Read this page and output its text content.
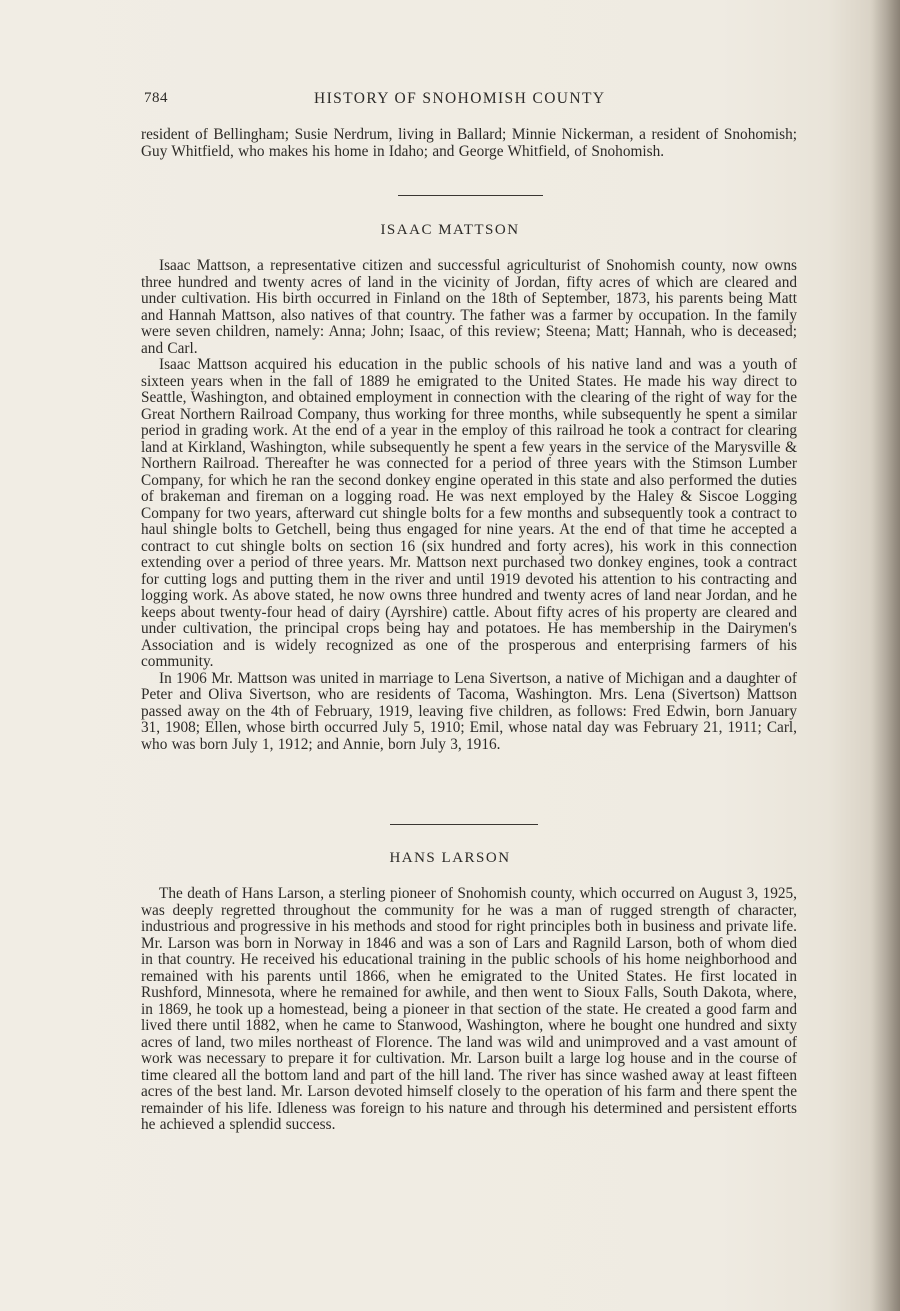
784	HISTORY OF SNOHOMISH COUNTY

resident of Bellingham; Susie Nerdrum, living in Ballard; Minnie Nickerman, a resident of Snohomish; Guy Whitfield, who makes his home in Idaho; and George Whitfield, of Snohomish.

ISAAC MATTSON

Isaac Mattson, a representative citizen and successful agriculturist of Snohomish county, now owns three hundred and twenty acres of land in the vicinity of Jordan, fifty acres of which are cleared and under cultivation. His birth occurred in Finland on the 18th of September, 1873, his parents being Matt and Hannah Mattson, also natives of that country. The father was a farmer by occupation. In the family were seven children, namely: Anna; John; Isaac, of this review; Steena; Matt; Hannah, who is deceased; and Carl.

Isaac Mattson acquired his education in the public schools of his native land and was a youth of sixteen years when in the fall of 1889 he emigrated to the United States. He made his way direct to Seattle, Washington, and obtained employment in connection with the clearing of the right of way for the Great Northern Railroad Company, thus working for three months, while subsequently he spent a similar period in grading work. At the end of a year in the employ of this railroad he took a contract for clearing land at Kirkland, Washington, while subsequently he spent a few years in the service of the Marysville & Northern Railroad. Thereafter he was connected for a period of three years with the Stimson Lumber Company, for which he ran the second donkey engine operated in this state and also performed the duties of brakeman and fireman on a logging road. He was next employed by the Haley & Siscoe Logging Company for two years, afterward cut shingle bolts for a few months and subsequently took a contract to haul shingle bolts to Getchell, being thus engaged for nine years. At the end of that time he accepted a contract to cut shingle bolts on section 16 (six hundred and forty acres), his work in this connection extending over a period of three years. Mr. Mattson next purchased two donkey engines, took a contract for cutting logs and putting them in the river and until 1919 devoted his attention to his contracting and logging work. As above stated, he now owns three hundred and twenty acres of land near Jordan, and he keeps about twenty-four head of dairy (Ayrshire) cattle. About fifty acres of his property are cleared and under cultivation, the principal crops being hay and potatoes. He has membership in the Dairymen's Association and is widely recognized as one of the prosperous and enterprising farmers of his community.

In 1906 Mr. Mattson was united in marriage to Lena Sivertson, a native of Michigan and a daughter of Peter and Oliva Sivertson, who are residents of Tacoma, Washington. Mrs. Lena (Sivertson) Mattson passed away on the 4th of February, 1919, leaving five children, as follows: Fred Edwin, born January 31, 1908; Ellen, whose birth occurred July 5, 1910; Emil, whose natal day was February 21, 1911; Carl, who was born July 1, 1912; and Annie, born July 3, 1916.

HANS LARSON

The death of Hans Larson, a sterling pioneer of Snohomish county, which occurred on August 3, 1925, was deeply regretted throughout the community for he was a man of rugged strength of character, industrious and progressive in his methods and stood for right principles both in business and private life. Mr. Larson was born in Norway in 1846 and was a son of Lars and Ragnild Larson, both of whom died in that country. He received his educational training in the public schools of his home neighborhood and remained with his parents until 1866, when he emigrated to the United States. He first located in Rushford, Minnesota, where he remained for awhile, and then went to Sioux Falls, South Dakota, where, in 1869, he took up a homestead, being a pioneer in that section of the state. He created a good farm and lived there until 1882, when he came to Stanwood, Washington, where he bought one hundred and sixty acres of land, two miles northeast of Florence. The land was wild and unimproved and a vast amount of work was necessary to prepare it for cultivation. Mr. Larson built a large log house and in the course of time cleared all the bottom land and part of the hill land. The river has since washed away at least fifteen acres of the best land. Mr. Larson devoted himself closely to the operation of his farm and there spent the remainder of his life. Idleness was foreign to his nature and through his determined and persistent efforts he achieved a splendid success.
